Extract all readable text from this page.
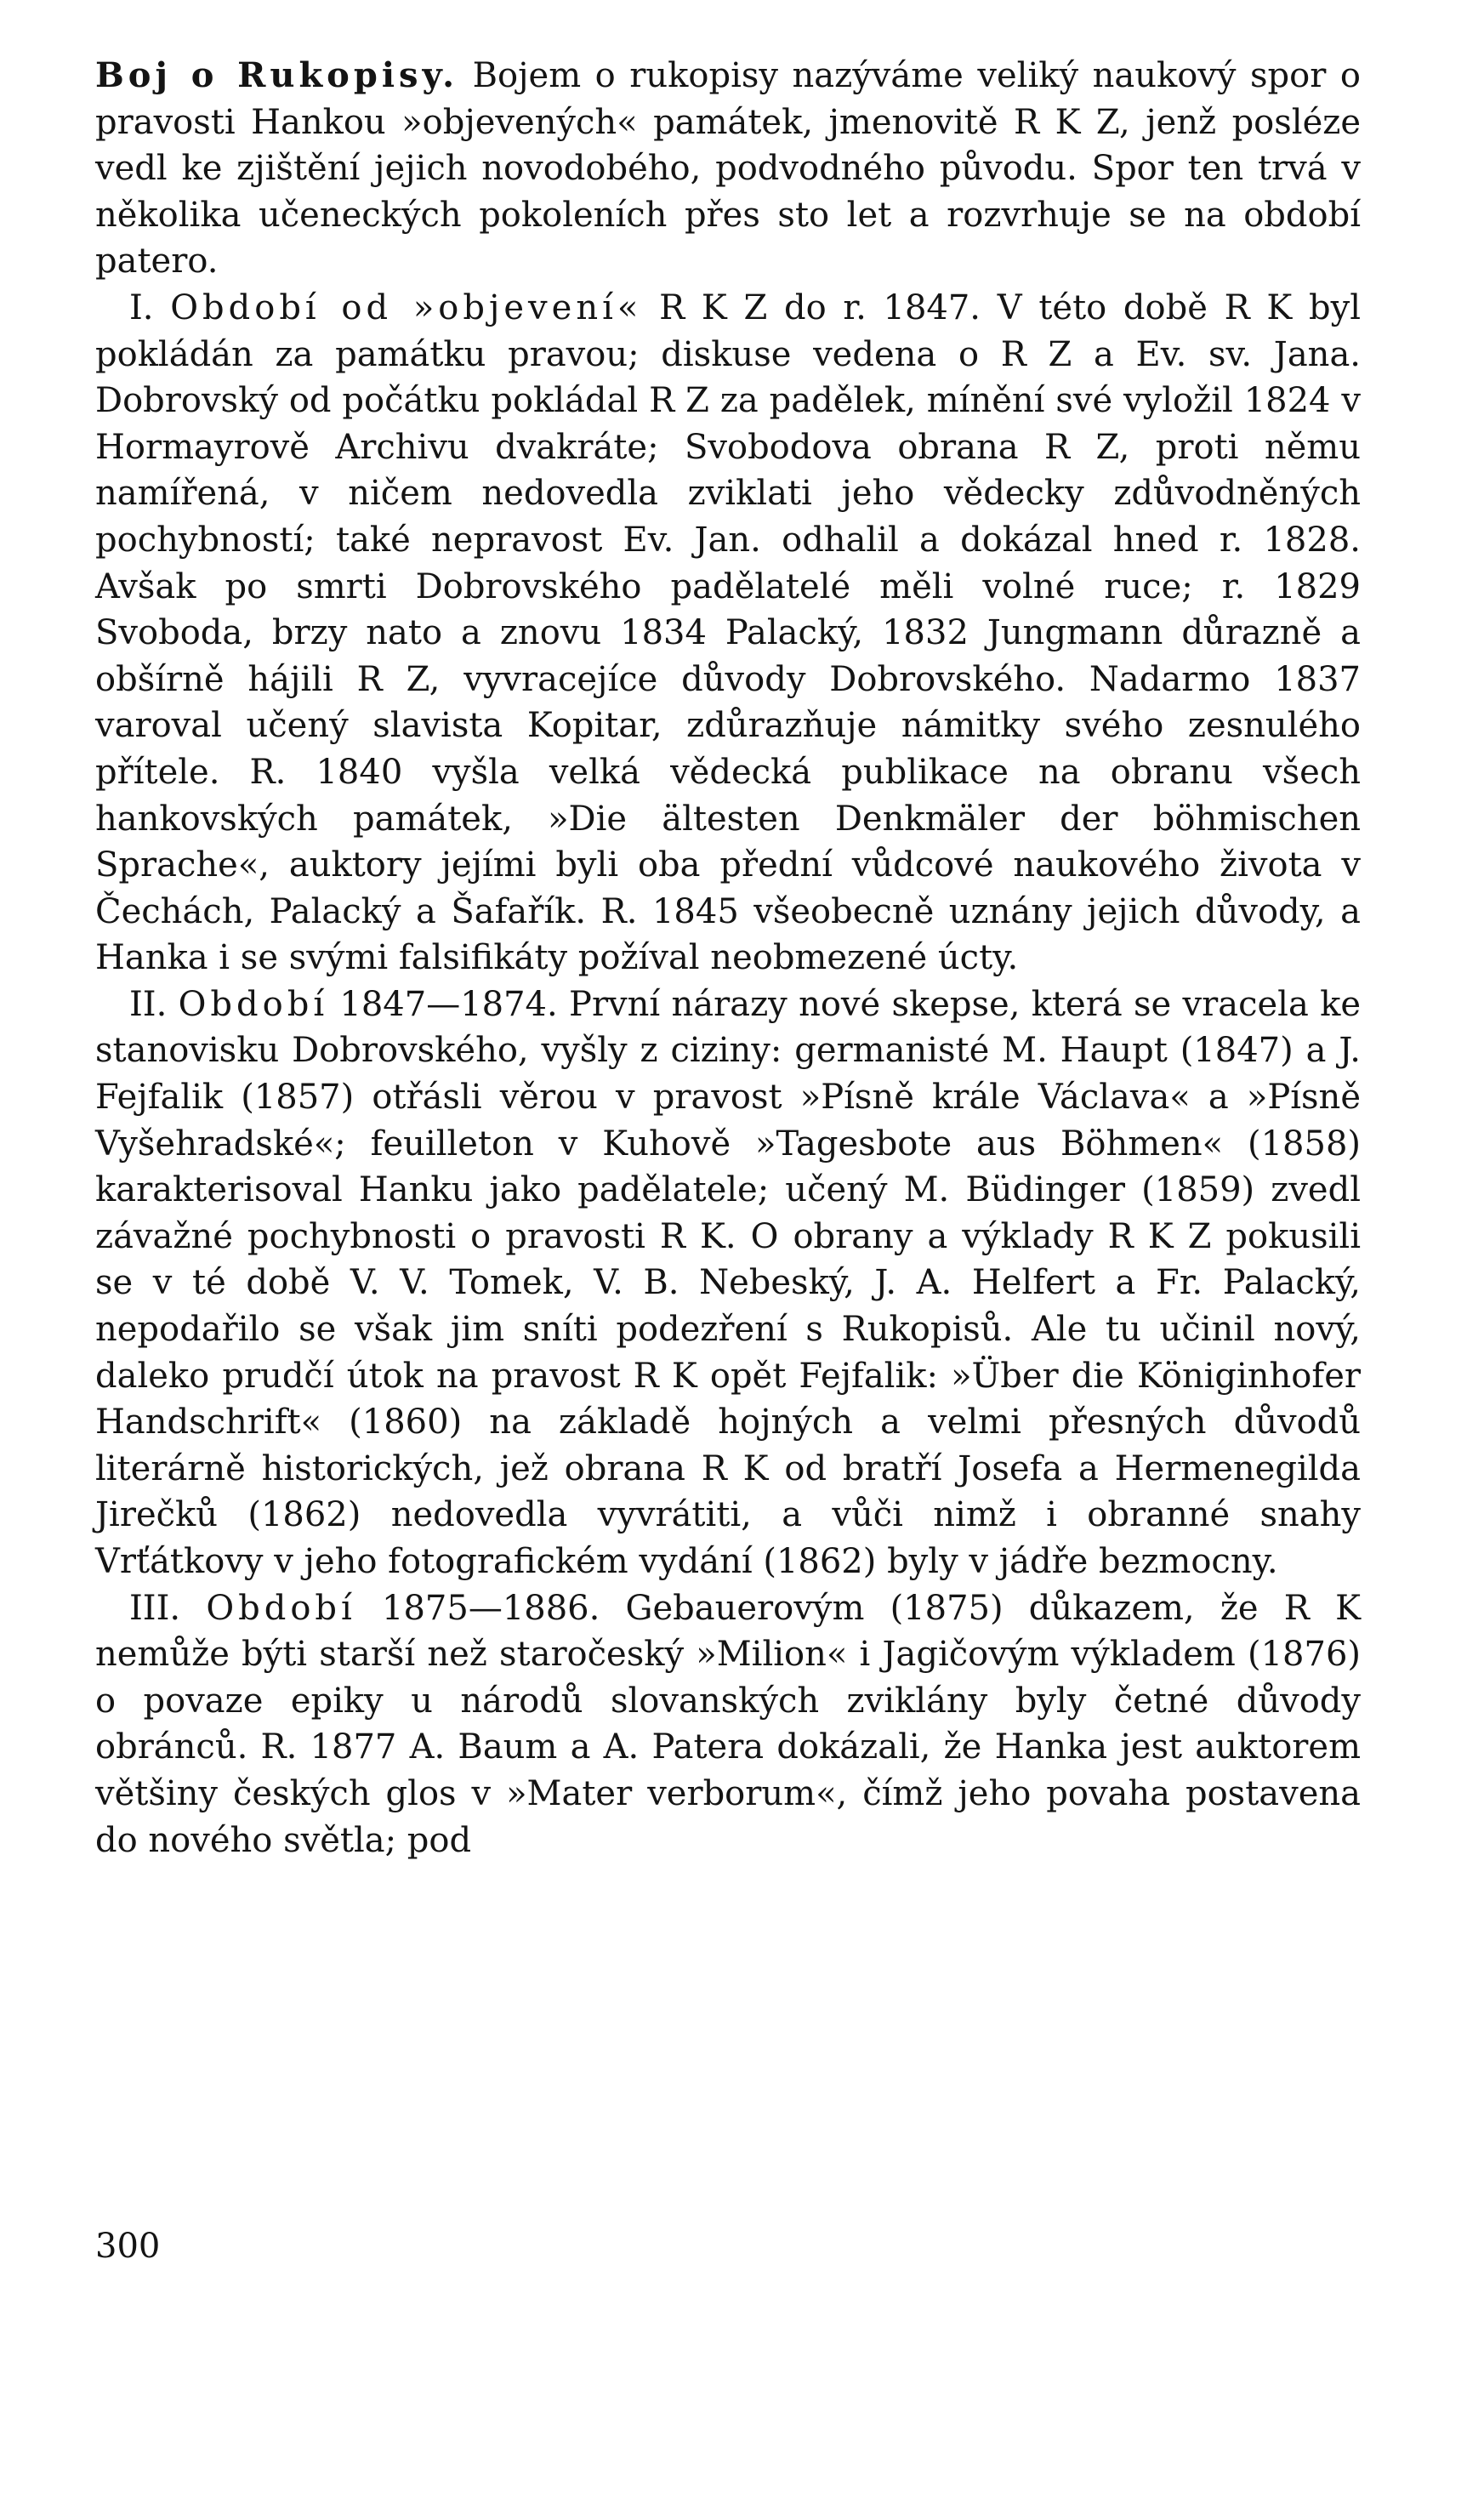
Boj o Rukopisy. Bojem o rukopisy nazýváme veliký naukový spor o pravosti Hankou »objevených« památek, jmenovitě R K Z, jenž posléze vedl ke zjištění jejich novodobého, podvodného původu. Spor ten trvá v několika učeneckých pokoleních přes sto let a rozvrhuje se na období patero.

I. Období od »objevení« R K Z do r. 1847. V této době R K byl pokládán za památku pravou; diskuse vedena o R Z a Ev. sv. Jana. Dobrovský od počátku pokládal R Z za padělek, mínění své vyložil 1824 v Hormayrově Archivu dvakráte; Svobodova obrana R Z, proti němu namířená, v ničem nedovedla zviklati jeho vědecky zdůvodněných pochybností; také nepravost Ev. Jan. odhalil a dokázal hned r. 1828. Avšak po smrti Dobrovského padělatelé měli volné ruce; r. 1829 Svoboda, brzy nato a znovu 1834 Palacký, 1832 Jungmann důrazně a obšírně hájili R Z, vyvracejíce důvody Dobrovského. Nadarmo 1837 varoval učený slavista Kopitar, zdůrazňuje námitky svého zesnulého přítele. R. 1840 vyšla velká vědecká publikace na obranu všech hankovských památek, »Die ältesten Denkmäler der böhmischen Sprache«, auktory jejími byli oba přední vůdcové naukového života v Čechách, Palacký a Šafařík. R. 1845 všeobecně uznány jejich důvody, a Hanka i se svými falsifikáty požíval neobmezené úcty.

II. Období 1847—1874. První nárazy nové skepse, která se vracela ke stanovisku Dobrovského, vyšly z ciziny: germanisté M. Haupt (1847) a J. Fejfalik (1857) otřásli věrou v pravost »Písně krále Václava« a »Písně Vyšehradské«; feuilleton v Kuhově »Tagesbote aus Böhmen« (1858) karakterisoval Hanku jako padělatele; učený M. Büdinger (1859) zvedl závažné pochybnosti o pravosti R K. O obrany a výklady R K Z pokusili se v té době V. V. Tomek, V. B. Nebeský, J. A. Helfert a Fr. Palacký, nepodařilo se však jim sníti podezření s Rukopisů. Ale tu učinil nový, daleko prudčí útok na pravost R K opět Fejfalik: »Über die Königinhofer Handschrift« (1860) na základě hojných a velmi přesných důvodů literárně historických, jež obrana R K od bratří Josefa a Hermenegilda Jirečků (1862) nedovedla vyvrátiti, a vůči nimž i obranné snahy Vrťátkovy v jeho fotografickém vydání (1862) byly v jádře bezmocny.

III. Období 1875—1886. Gebauerovým (1875) důkazem, že R K nemůže býti starší než staročeský »Milion« i Jagičovým výkladem (1876) o povaze epiky u národů slovanských zviklány byly četné důvody obránců. R. 1877 A. Baum a A. Patera dokázali, že Hanka jest auktorem většiny českých glos v »Mater verborum«, čímž jeho povaha postavena do nového světla; pod

300
